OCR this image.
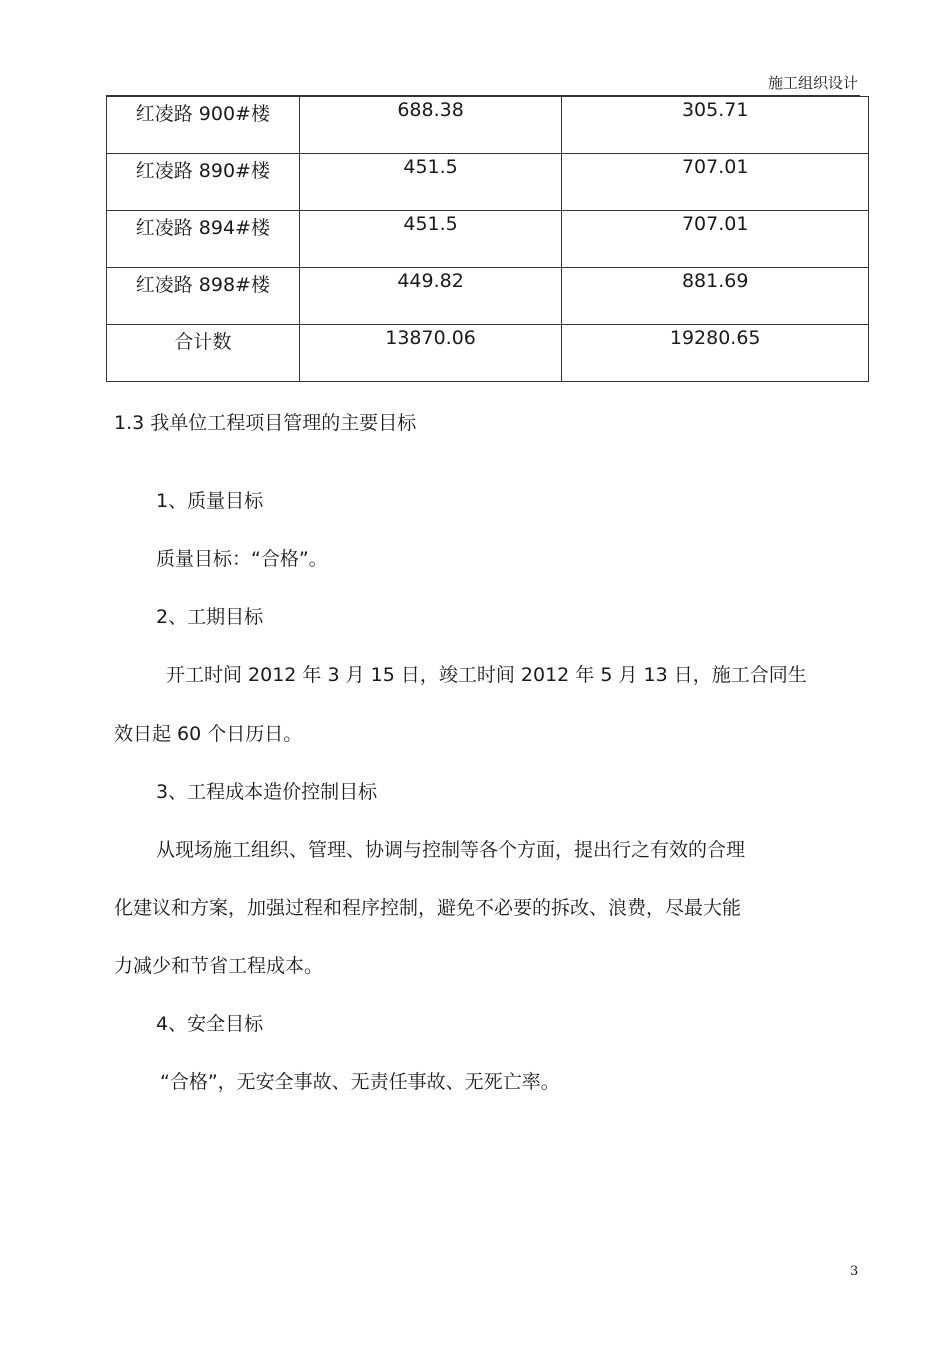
施工组织设计
红凌路 900#楼	688.38	305.71
红凌路 890#楼	451.5	707.01
红凌路 894#楼	451.5	707.01
红凌路 898#楼	449.82	881.69
合计数	13870.06	19280.65
1.3 我单位工程项目管理的主要目标
1、质量目标
质量目标：“合格”。
2、工期目标
开工时间 2012 年 3 月 15 日，竣工时间 2012 年 5 月 13 日，施工合同生
效日起 60 个日历日。
3、工程成本造价控制目标
从现场施工组织、管理、协调与控制等各个方面，提出行之有效的合理
化建议和方案，加强过程和程序控制，避免不必要的拆改、浪费，尽最大能
力减少和节省工程成本。
4、安全目标
“合格”，无安全事故、无责任事故、无死亡率。
3
